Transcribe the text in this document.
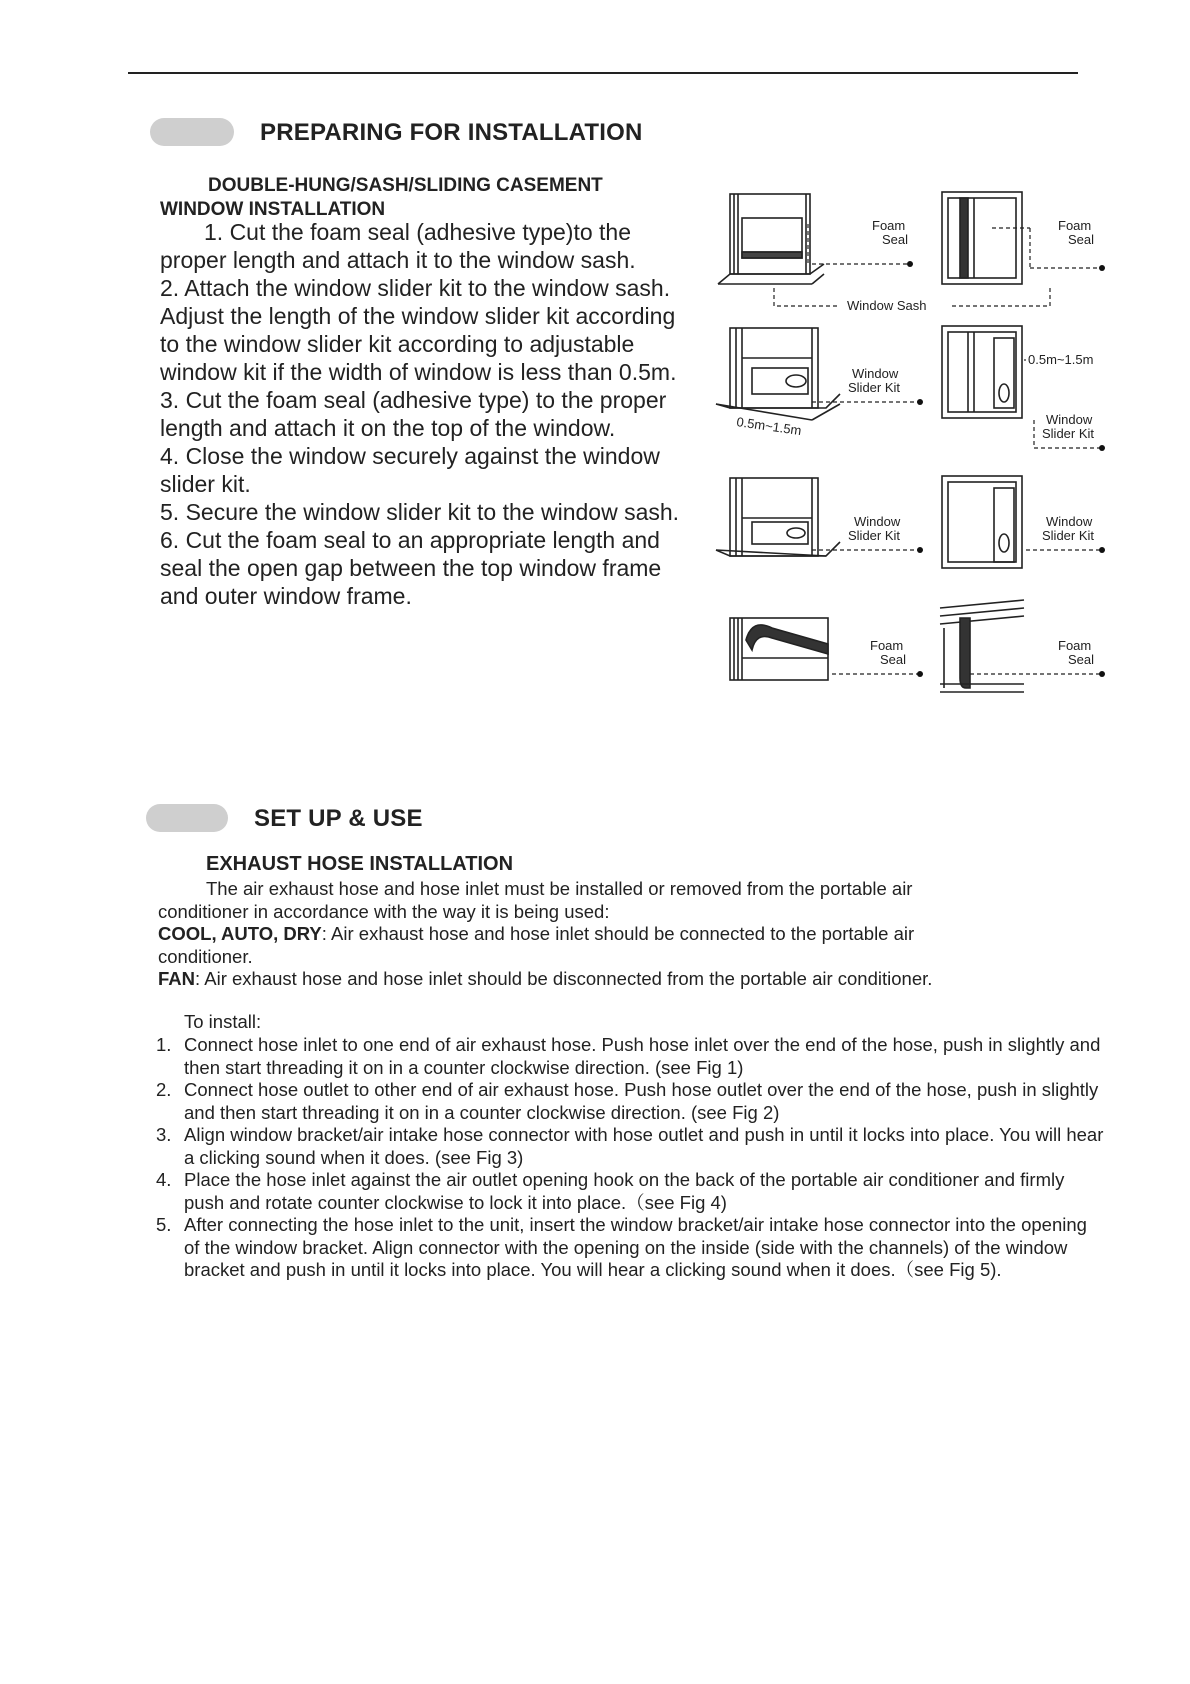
PREPARING FOR INSTALLATION
DOUBLE-HUNG/SASH/SLIDING CASEMENT
WINDOW INSTALLATION

1. Cut the foam seal (adhesive type)to the proper length and attach it to the window sash.

2. Attach the window slider kit to the window sash. Adjust the length of the window slider kit according to the window slider kit according to adjustable window kit if the width of window is less than 0.5m.

3. Cut the foam seal (adhesive type) to the proper length and attach it on the top of the window.

4. Close the window securely against the window slider kit.

5. Secure the window slider kit to the window sash.

6. Cut the foam seal to an appropriate length and seal the open gap between the top window frame and outer window frame.

Foam
Seal
Foam
Seal
Window Sash
Window
Slider Kit
0.5m~1.5m
Window
Slider Kit
0.5m~1.5m
Window
Slider Kit
Window
Slider Kit
Foam
Seal
Foam
Seal
SET UP & USE
EXHAUST HOSE INSTALLATION

The air exhaust hose and hose inlet must be installed or removed from the portable air

conditioner in accordance with the way it is being used:

COOL, AUTO, DRY: Air exhaust hose and hose inlet should be connected to the portable air

conditioner.

FAN: Air exhaust hose and hose inlet should be disconnected from the portable air conditioner.

To install:
1. Connect hose inlet to one end of air exhaust hose. Push hose inlet over the end of the hose, push in slightly and then start threading it on in a counter clockwise direction. (see Fig 1)
2. Connect hose outlet to other end of air exhaust hose. Push hose outlet over the end of the hose, push in slightly and then start threading it on in a counter clockwise direction. (see Fig 2)
3. Align window bracket/air intake hose connector with hose outlet and push in until it locks into place. You will hear a clicking sound when it does. (see Fig 3)
4. Place the hose inlet against the air outlet opening hook on the back of the portable air conditioner and firmly push and rotate counter clockwise to lock it into place.（see Fig 4)
5. After connecting the hose inlet to the unit, insert the window bracket/air intake hose connector into the opening of the window bracket. Align connector with the opening on the inside (side with the channels) of the window bracket and push in until it locks into place. You will hear a clicking sound when it does.（see Fig 5).
